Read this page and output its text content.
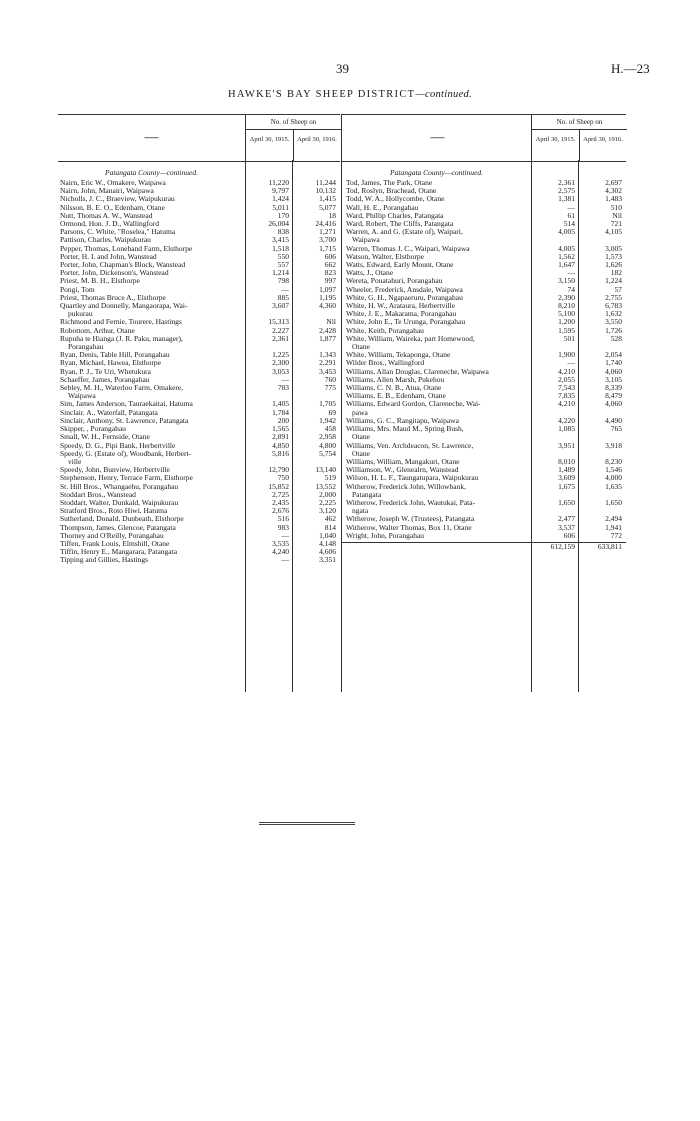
39	H.—23
HAWKE'S BAY SHEEP DISTRICT—continued.
—
No. of Sheep on
April 30, 1915.	April 30, 1916.
Patangata County—continued.
Nairn, Eric W., Omakere, Waipawa	11,220	11,244
Nairn, John, Manairi, Waipawa	9,797	10,132
Nicholls, J. C., Braeview, Waipukurau	1,424	1,415
Nilsson, B. E. O., Edenham, Otane	5,011	5,077
Nutt, Thomas A. W., Wanstead	170	18
Ormond, Hon. J. D., Wallingford	26,004	24,416
Parsons, C. White, "Roselea," Hatuma	838	1,271
Pattison, Charles, Waipukurau	3,415	3,700
Pepper, Thomas, Lonehand Farm, Elsthorpe	1,518	1,715
Porter, H. I. and John, Wanstead	550	606
Porter, John, Chapman's Block, Wanstead	557	662
Porter, John, Dickenson's, Wanstead	1,214	823
Priest, M. B. H., Elsthorpe	798	997
Pongi, Tom	—	1,097
Priest, Thomas Bruce A., Elsthorpe	885	1,195
Quartley and Donnelly, Mangaorapa, Wai-	3,607	4,360
pukurau
Richmond and Fernie, Tourere, Hastings	15,313	Nil
Robottom, Arthur, Otane	2,227	2,428
Rupuha te Hianga (J. R. Paku, manager),	2,361	1,877
Porangahau
Ryan, Denis, Table Hill, Porangahau	1,225	1,343
Ryan, Michael, Hawea, Elsthorpe	2,300	2,291
Ryan, P. J., Te Uri, Whetukura	3,053	3,453
Schaeffer, James, Porangahau	—	760
Sebley, M. H., Waterloo Farm, Omakere,	783	775
Waipawa
Sim, James Anderson, Tauraekaitai, Hatuma	1,405	1,705
Sinclair. A., Waterfall, Patangata	1,784	69
Sinclair, Anthony, St. Lawrence, Patangata	200	1,942
Skipper, , Porangahau	1,565	458
Small, W. H., Fernside, Otane	2,891	2,958
Speedy, D. G., Pipi Bank, Herbertville	4,850	4,800
Speedy, G. (Estate of), Woodbank, Herbert-	5,816	5,754
ville
Speedy, John, Bunview, Herbertville	12,790	13,140
Stephenson, Henry, Terrace Farm, Elsthorpe	750	519
St. Hill Bros., Whangaehu, Porangahau	15,852	13,552
Stoddart Bros., Wanstead	2,725	2,000
Stoddart, Walter, Dunkald, Waipukurau	2,435	2,225
Stratford Bros., Roto Hiwi, Hatuma	2,676	3,120
Sutherland, Donald, Dunbeath, Elsthorpe	516	462
Thompson, James, Glencoe, Patangata	983	814
Thorney and O'Reilly, Porangahau	—	1,040
Tiffen, Frank Louis, Elmshill, Otane	3,535	4,148
Tiffin, Henry E., Mangarara, Patangata	4,240	4,606
Tipping and Gillies, Hastings	—	3,351
—
No. of Sheep on
April 30, 1915.	April 30, 1916.
Patangata County—continued.
Tod, James, The Park, Otane	2,361	2,697
Tod, Roslyn, Brachead, Otane	2,575	4,302
Todd, W. A., Hollycombe, Otane	1,381	1,483
Wall, H. E., Porangahau	—	510
Ward, Phillip Charles, Patangata	61	Nil
Ward, Robert, The Cliffs, Patangata	514	721
Warren, A. and G. (Estate of), Waipari,	4,005	4,105
Waipawa
Warren, Thomas J. C., Waipari, Waipawa	4,005	3,005
Watson, Walter, Elsthorpe	1,562	1,573
Watts, Edward, Early Mount, Otane	1,647	1,626
Watts, J., Otane	—	182
Wereta, Pouatahuri, Porangahau	3,150	1,224
Wheeler, Frederick, Ansdale, Waipawa	74	57
White, G. H., Ngapaeruru, Porangahau	2,390	2,755
White, H. W., Arataura, Herbertville	8,210	6,783
White, J. E., Makarama, Porangahau	5,100	1,632
White, John E., Te Urunga, Porangahau	1,200	3,550
White, Keith, Porangahau	1,595	1,726
White, William, Waireka, part Homewood,	501	528
Otane
White, William, Tekaponga, Otane	1,900	2,054
Wilder Bros., Wallingford	—	1,740
Williams, Allan Douglas, Clareneche, Waipawa	4,210	4,060
Williams, Allen Marsh, Pukehou	2,055	3,105
Williams, C. N. B., Atua, Otane	7,543	8,339
Williams, E. B., Edenham, Otane	7,835	8,479
Williams, Edward Gordon, Clareneche, Wai-	4,210	4,060
pawa
Williams, G. C., Rangitapu, Waipawa	4,220	4,490
Williams, Mrs. Maud M., Spring Bush,	1,085	765
Otane
Williams, Ven. Archdeacon, St. Lawrence,	3,951	3,918
Otane
Williams, William, Mangakuri, Otane	8,010	8,230
Williamson, W., Glenealrn, Wanstead	1,489	1,546
Wilson, H. L. F., Taungatupara, Waipukurau	3,609	4,000
Witherow, Frederick John, Willowbank,	1,675	1,635
Patangata
Witherow, Frederick John, Wautukai, Pata-	1,650	1,650
ngata
Witherow, Joseph W. (Trustees), Patangata	2,477	2,494
Witherow, Walter Thomas, Box 11, Otane	3,537	1,941
Wright, John, Porangahau	606	772
612,159	633,811
